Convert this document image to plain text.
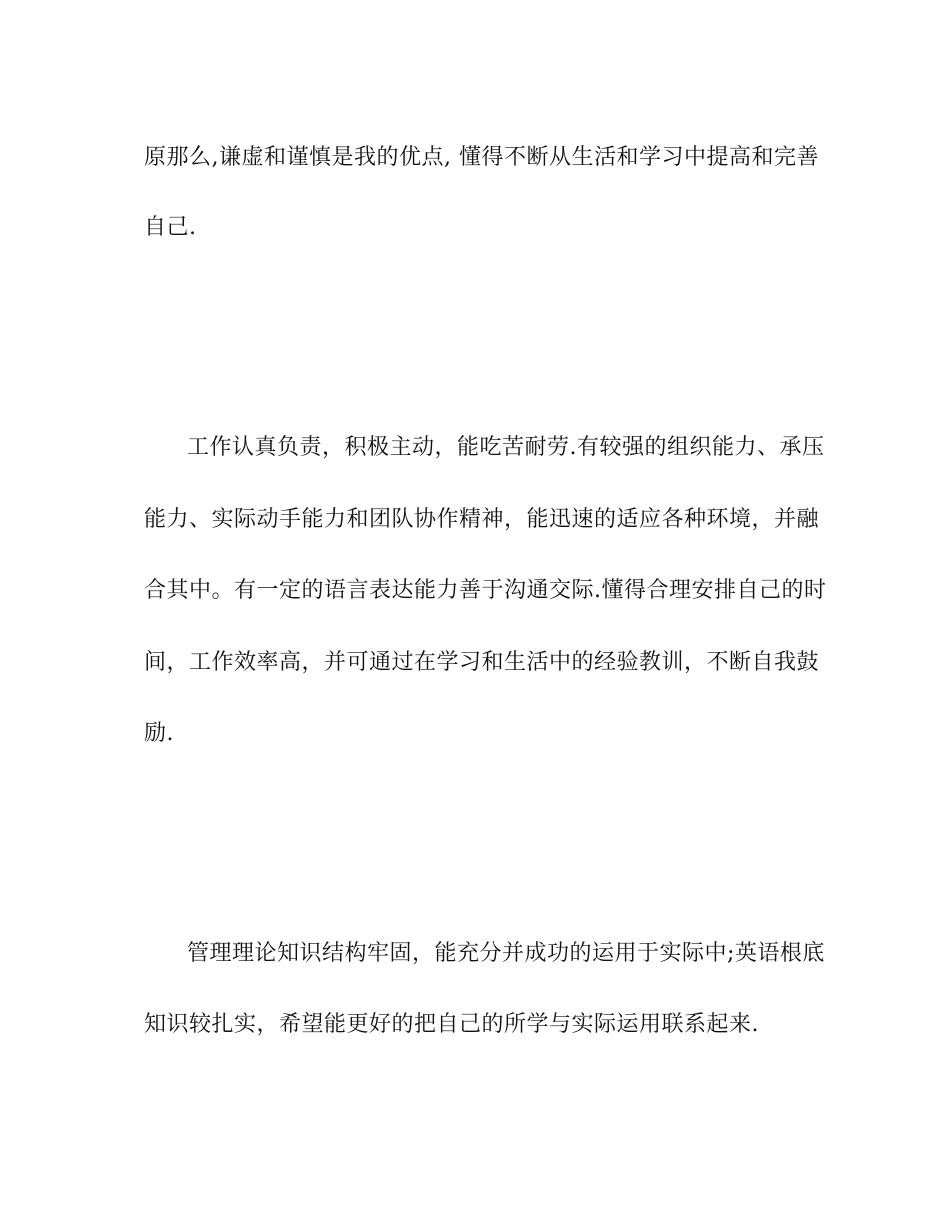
原那么,谦虚和谨慎是我的优点, 懂得不断从生活和学习中提高和完善
自己.
工作认真负责，积极主动，能吃苦耐劳.有较强的组织能力、承压
能力、实际动手能力和团队协作精神，能迅速的适应各种环境，并融
合其中。有一定的语言表达能力善于沟通交际.懂得合理安排自己的时
间，工作效率高，并可通过在学习和生活中的经验教训，不断自我鼓
励.
管理理论知识结构牢固，能充分并成功的运用于实际中;英语根底
知识较扎实，希望能更好的把自己的所学与实际运用联系起来.
